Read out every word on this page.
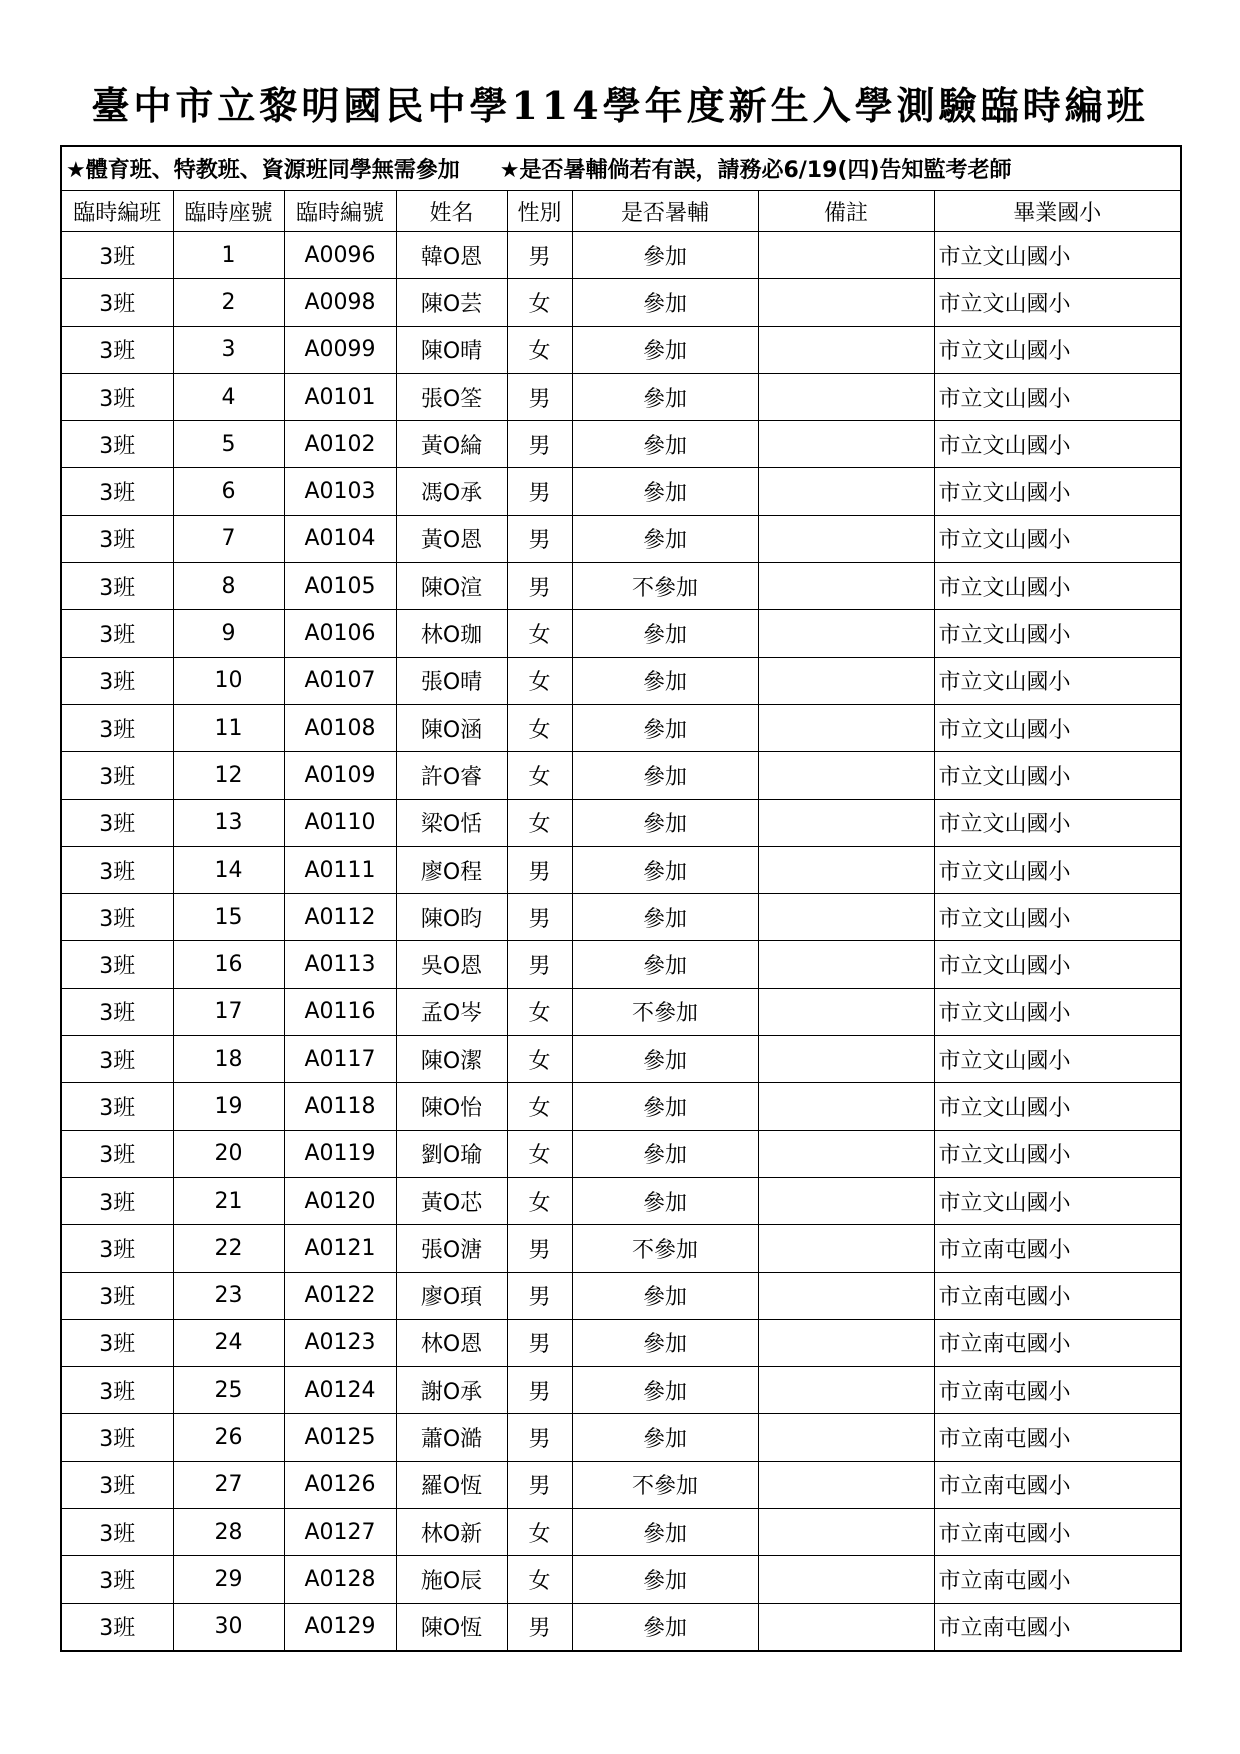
臺中市立黎明國民中學114學年度新生入學測驗臨時編班
★體育班、特教班、資源班同學無需參加 ★是否暑輔倘若有誤，請務必6/19(四)告知監考老師							
臨時編班	臨時座號	臨時編號	姓名	性別	是否暑輔	備註	畢業國小
3班	1	A0096	韓O恩	男	參加		市立文山國小
3班	2	A0098	陳O芸	女	參加		市立文山國小
3班	3	A0099	陳O晴	女	參加		市立文山國小
3班	4	A0101	張O筌	男	參加		市立文山國小
3班	5	A0102	黃O綸	男	參加		市立文山國小
3班	6	A0103	馮O承	男	參加		市立文山國小
3班	7	A0104	黃O恩	男	參加		市立文山國小
3班	8	A0105	陳O渲	男	不參加		市立文山國小
3班	9	A0106	林O珈	女	參加		市立文山國小
3班	10	A0107	張O晴	女	參加		市立文山國小
3班	11	A0108	陳O涵	女	參加		市立文山國小
3班	12	A0109	許O睿	女	參加		市立文山國小
3班	13	A0110	梁O恬	女	參加		市立文山國小
3班	14	A0111	廖O程	男	參加		市立文山國小
3班	15	A0112	陳O昀	男	參加		市立文山國小
3班	16	A0113	吳O恩	男	參加		市立文山國小
3班	17	A0116	孟O岑	女	不參加		市立文山國小
3班	18	A0117	陳O潔	女	參加		市立文山國小
3班	19	A0118	陳O怡	女	參加		市立文山國小
3班	20	A0119	劉O瑜	女	參加		市立文山國小
3班	21	A0120	黃O芯	女	參加		市立文山國小
3班	22	A0121	張O溏	男	不參加		市立南屯國小
3班	23	A0122	廖O頊	男	參加		市立南屯國小
3班	24	A0123	林O恩	男	參加		市立南屯國小
3班	25	A0124	謝O承	男	參加		市立南屯國小
3班	26	A0125	蕭O澔	男	參加		市立南屯國小
3班	27	A0126	羅O恆	男	不參加		市立南屯國小
3班	28	A0127	林O新	女	參加		市立南屯國小
3班	29	A0128	施O辰	女	參加		市立南屯國小
3班	30	A0129	陳O恆	男	參加		市立南屯國小
